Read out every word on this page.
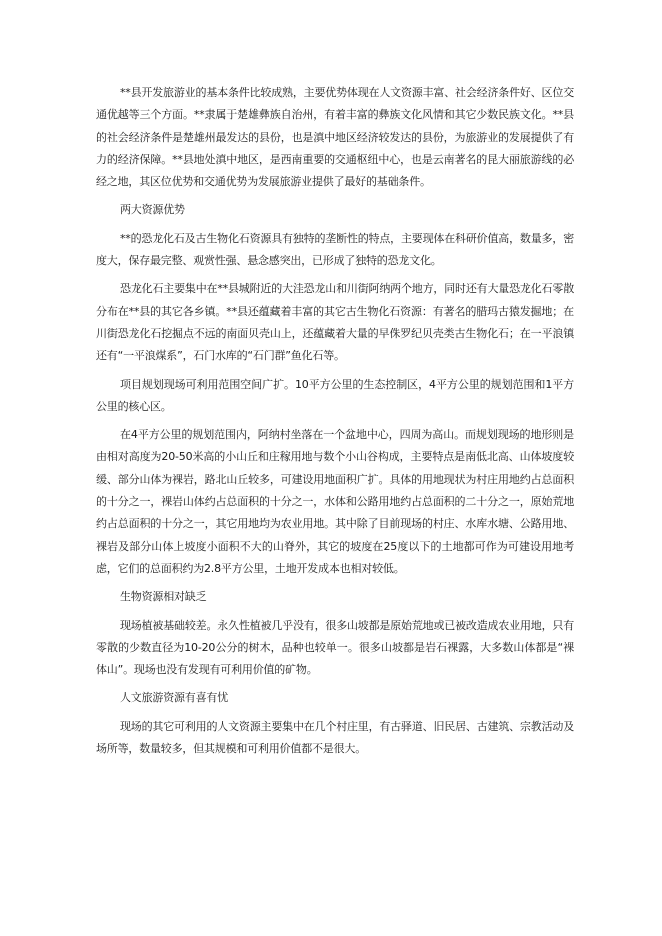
**县开发旅游业的基本条件比较成熟，主要优势体现在人文资源丰富、社会经济条件好、区位交通优越等三个方面。**隶属于楚雄彝族自治州，有着丰富的彝族文化风情和其它少数民族文化。**县的社会经济条件是楚雄州最发达的县份，也是滇中地区经济较发达的县份，为旅游业的发展提供了有力的经济保障。**县地处滇中地区，是西南重要的交通枢纽中心，也是云南著名的昆大丽旅游线的必经之地，其区位优势和交通优势为发展旅游业提供了最好的基础条件。

两大资源优势

**的恐龙化石及古生物化石资源具有独特的垄断性的特点，主要现体在科研价值高，数量多，密度大，保存最完整、观赏性强、悬念感突出，已形成了独特的恐龙文化。

恐龙化石主要集中在**县城附近的大洼恐龙山和川街阿纳两个地方，同时还有大量恐龙化石零散分布在**县的其它各乡镇。**县还蕴藏着丰富的其它古生物化石资源：有著名的腊玛古猿发掘地；在川街恐龙化石挖掘点不远的南面贝壳山上，还蕴藏着大量的早侏罗纪贝壳类古生物化石；在一平浪镇还有“一平浪煤系”，石门水库的“石门群”鱼化石等。

项目规划现场可利用范围空间广扩。10平方公里的生态控制区，4平方公里的规划范围和1平方公里的核心区。

在4平方公里的规划范围内，阿纳村坐落在一个盆地中心，四周为高山。而规划现场的地形则是由相对高度为20-50米高的小山丘和庄稼用地与数个小山谷构成，主要特点是南低北高、山体坡度较缓、部分山体为裸岩，路北山丘较多，可建设用地面积广扩。具体的用地现状为村庄用地约占总面积的十分之一，裸岩山体约占总面积的十分之一，水体和公路用地约占总面积的二十分之一，原始荒地约占总面积的十分之一，其它用地均为农业用地。其中除了目前现场的村庄、水库水塘、公路用地、裸岩及部分山体上坡度小面积不大的山脊外，其它的坡度在25度以下的土地都可作为可建设用地考虑，它们的总面积约为2.8平方公里，土地开发成本也相对较低。

生物资源相对缺乏

现场植被基础较差。永久性植被几乎没有，很多山坡都是原始荒地或已被改造成农业用地，只有零散的少数直径为10-20公分的树木，品种也较单一。很多山坡都是岩石裸露，大多数山体都是“裸体山”。现场也没有发现有可利用价值的矿物。

人文旅游资源有喜有忧

现场的其它可利用的人文资源主要集中在几个村庄里，有古驿道、旧民居、古建筑、宗教活动及场所等，数量较多，但其规模和可利用价值都不是很大。
